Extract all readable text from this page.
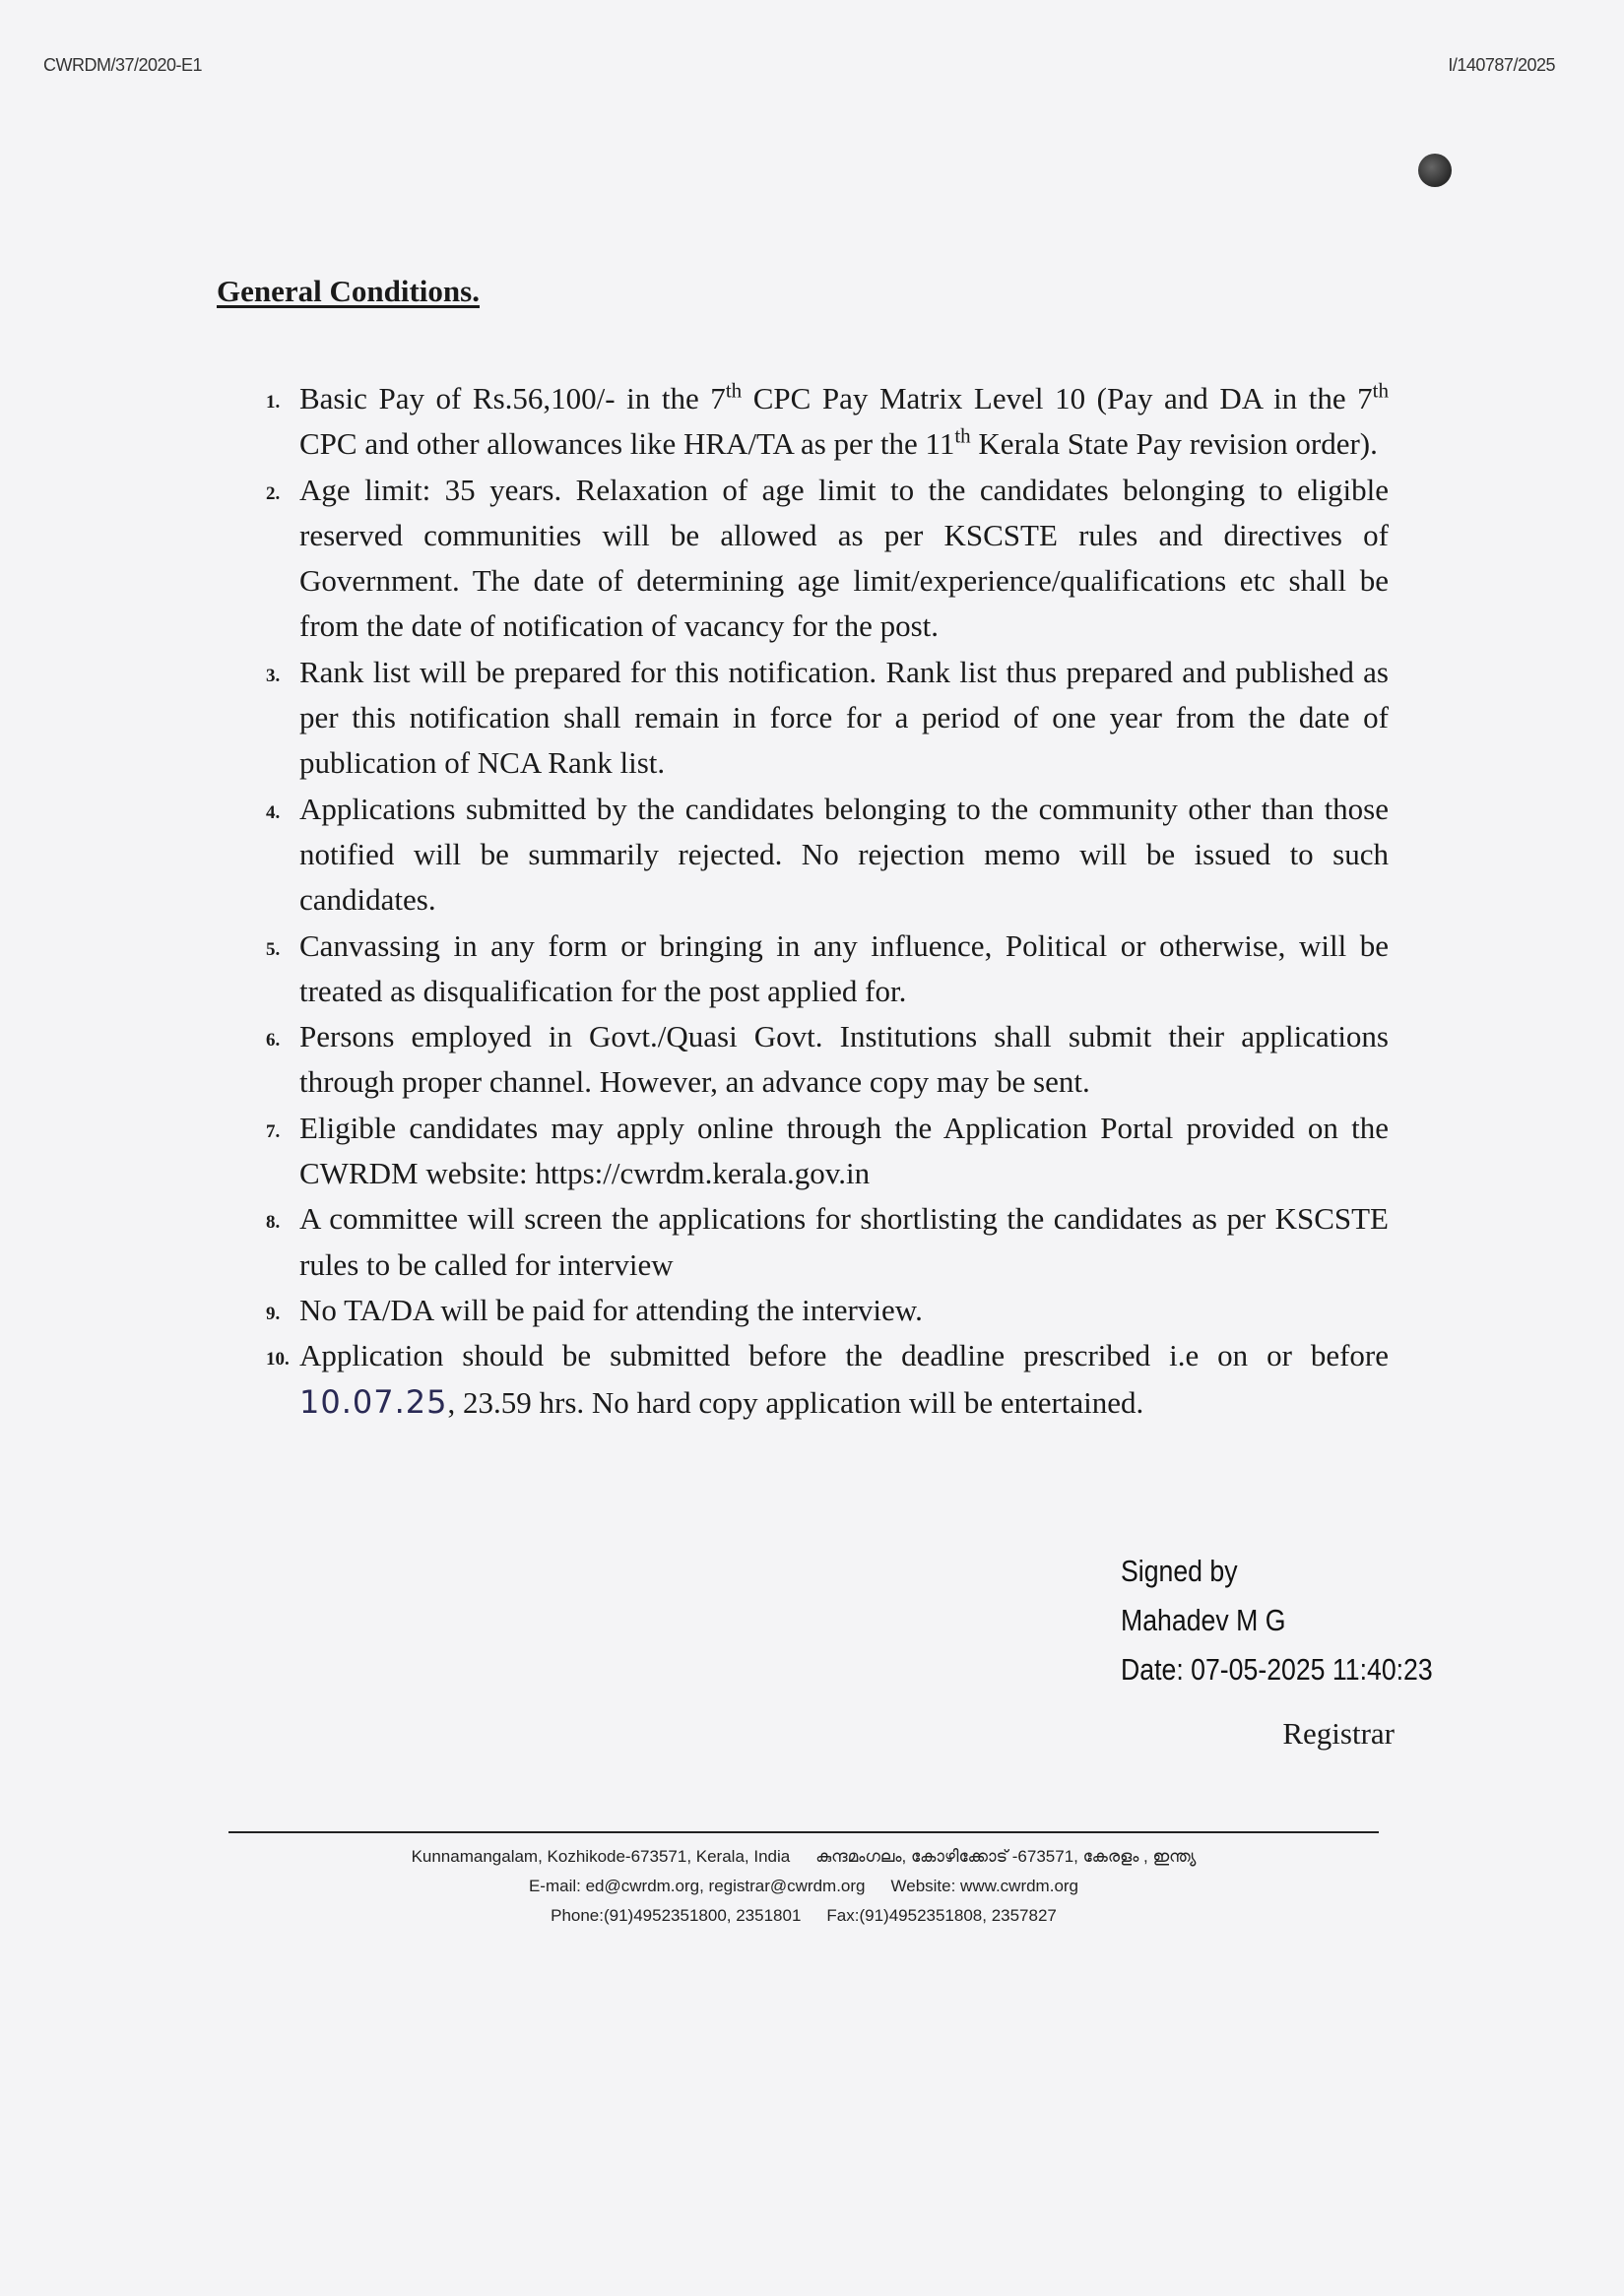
CWRDM/37/2020-E1	I/140787/2025
General Conditions.
1. Basic Pay of Rs.56,100/- in the 7th CPC Pay Matrix Level 10 (Pay and DA in the 7th CPC and other allowances like HRA/TA as per the 11th Kerala State Pay revision order).
2. Age limit: 35 years. Relaxation of age limit to the candidates belonging to eligible reserved communities will be allowed as per KSCSTE rules and directives of Government. The date of determining age limit/experience/qualifications etc shall be from the date of notification of vacancy for the post.
3. Rank list will be prepared for this notification. Rank list thus prepared and published as per this notification shall remain in force for a period of one year from the date of publication of NCA Rank list.
4. Applications submitted by the candidates belonging to the community other than those notified will be summarily rejected. No rejection memo will be issued to such candidates.
5. Canvassing in any form or bringing in any influence, Political or otherwise, will be treated as disqualification for the post applied for.
6. Persons employed in Govt./Quasi Govt. Institutions shall submit their applications through proper channel. However, an advance copy may be sent.
7. Eligible candidates may apply online through the Application Portal provided on the CWRDM website: https://cwrdm.kerala.gov.in
8. A committee will screen the applications for shortlisting the candidates as per KSCSTE rules to be called for interview
9. No TA/DA will be paid for attending the interview.
10. Application should be submitted before the deadline prescribed i.e on or before 10.07.25, 23.59 hrs. No hard copy application will be entertained.
Signed by
Mahadev M G
Date: 07-05-2025 11:40:23
Registrar
Kunnamangalam, Kozhikode-673571, Kerala, India കുന്ദമംഗലം, കോഴിക്കോട് -673571, കേരളം , ഇന്ത്യ
E-mail: ed@cwrdm.org, registrar@cwrdm.org Website: www.cwrdm.org
Phone:(91)4952351800, 2351801 Fax:(91)4952351808, 2357827
